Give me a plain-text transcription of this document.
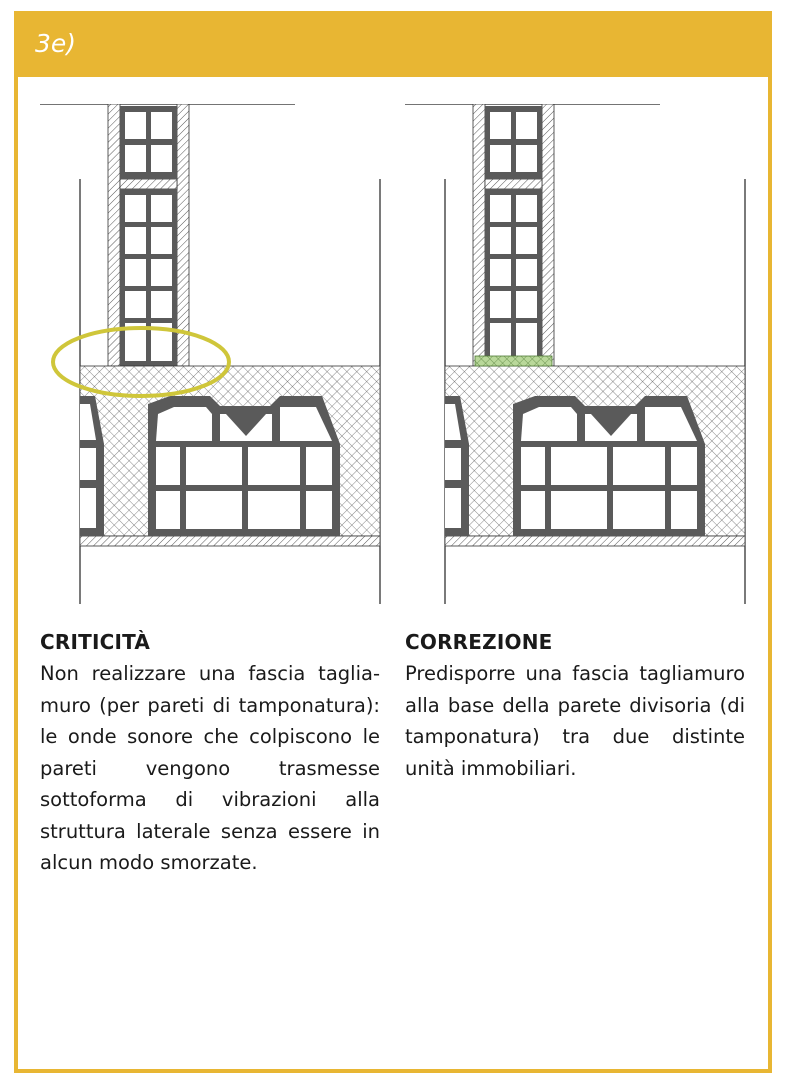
3e)
CRITICITÀ

Non realizzare una fascia tagliamuro (per pareti di tamponatura): le onde sonore che colpiscono le pareti vengono trasmesse sottoforma di vibrazioni alla struttura laterale senza essere in alcun modo smorzate.

CORREZIONE

Predisporre una fascia tagliamuro alla base della parete divisoria (di tamponatura) tra due distinte unità immobiliari.
